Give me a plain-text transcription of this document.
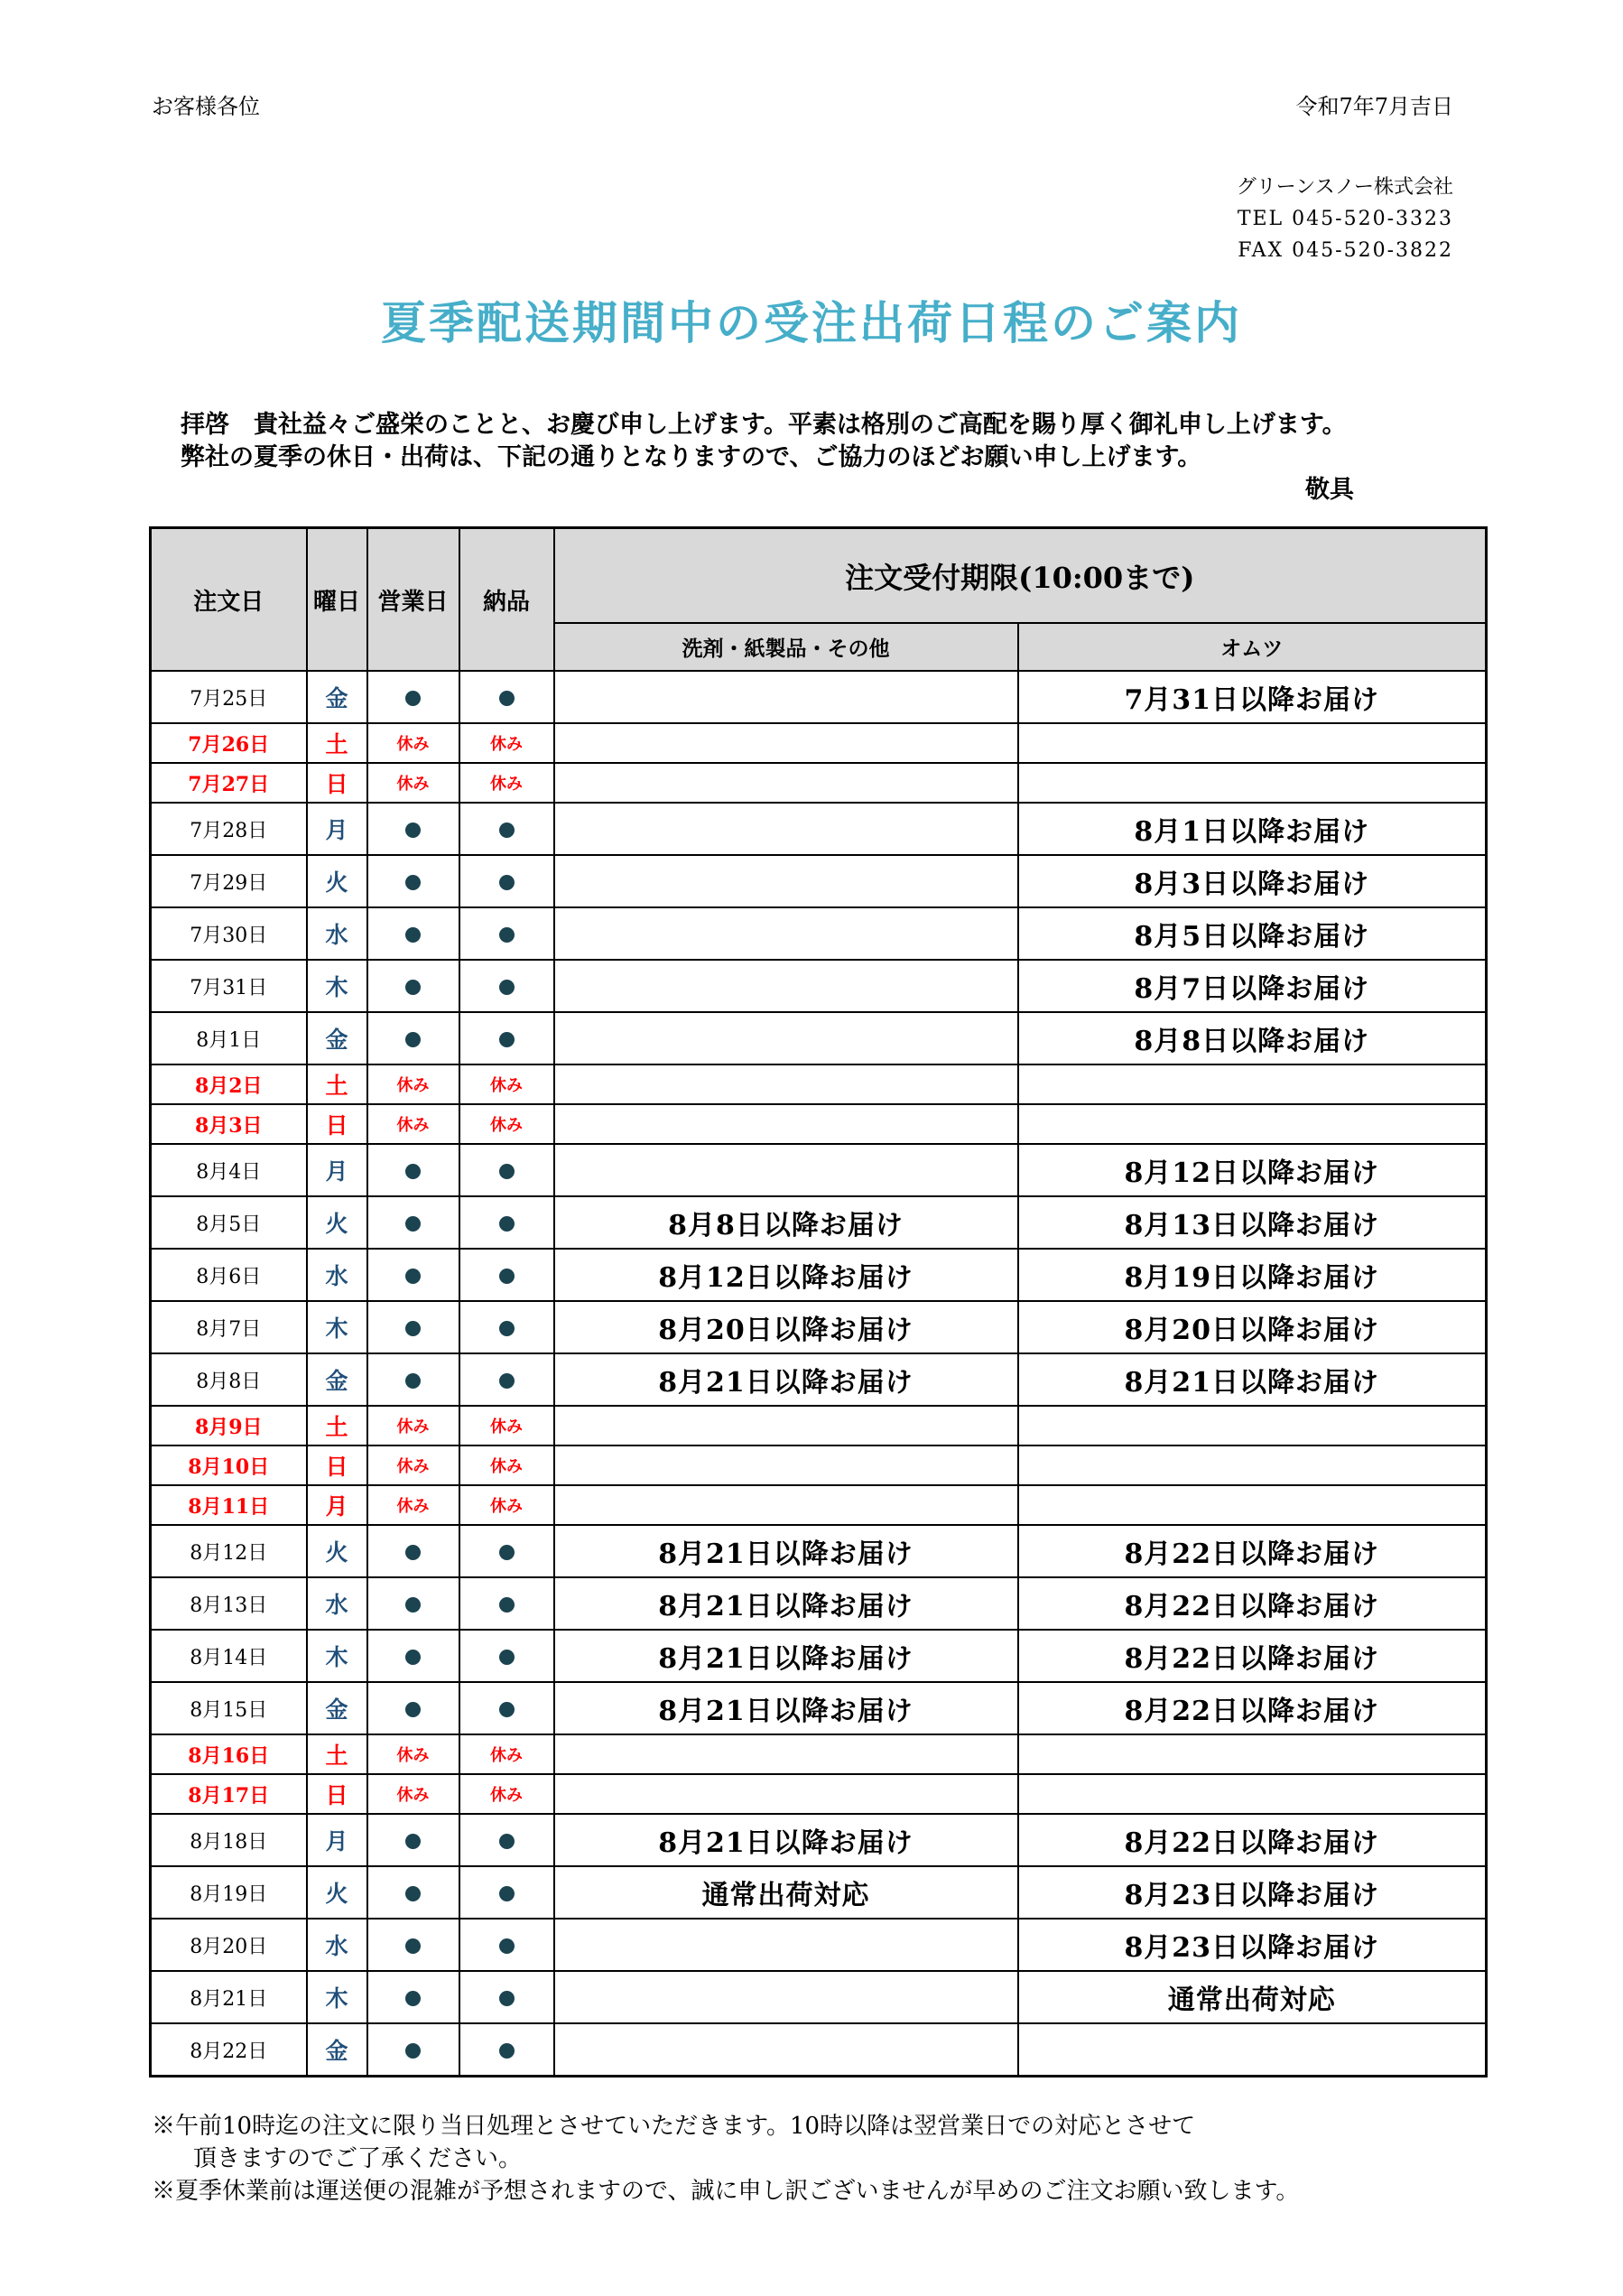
お客様各位	令和7年7月吉日
グリーンスノー株式会社
TEL 045-520-3323
FAX 045-520-3822
夏季配送期間中の受注出荷日程のご案内
拝啓　貴社益々ご盛栄のことと、お慶び申し上げます。平素は格別のご高配を賜り厚く御礼申し上げます。
弊社の夏季の休日・出荷は、下記の通りとなりますので、ご協力のほどお願い申し上げます。
敬具
注文日	曜日	営業日	納品	注文受付期限(10:00まで)	
				洗剤・紙製品・その他	オムツ
7月25日	金				7月31日以降お届け
7月26日	土	休み	休み		
7月27日	日	休み	休み		
7月28日	月				8月1日以降お届け
7月29日	火				8月3日以降お届け
7月30日	水				8月5日以降お届け
7月31日	木				8月7日以降お届け
8月1日	金				8月8日以降お届け
8月2日	土	休み	休み		
8月3日	日	休み	休み		
8月4日	月				8月12日以降お届け
8月5日	火			8月8日以降お届け	8月13日以降お届け
8月6日	水			8月12日以降お届け	8月19日以降お届け
8月7日	木			8月20日以降お届け	8月20日以降お届け
8月8日	金			8月21日以降お届け	8月21日以降お届け
8月9日	土	休み	休み		
8月10日	日	休み	休み		
8月11日	月	休み	休み		
8月12日	火			8月21日以降お届け	8月22日以降お届け
8月13日	水			8月21日以降お届け	8月22日以降お届け
8月14日	木			8月21日以降お届け	8月22日以降お届け
8月15日	金			8月21日以降お届け	8月22日以降お届け
8月16日	土	休み	休み		
8月17日	日	休み	休み		
8月18日	月			8月21日以降お届け	8月22日以降お届け
8月19日	火			通常出荷対応	8月23日以降お届け
8月20日	水				8月23日以降お届け
8月21日	木				通常出荷対応
8月22日	金				
※午前10時迄の注文に限り当日処理とさせていただきます。10時以降は翌営業日での対応とさせて
頂きますのでご了承ください。
※夏季休業前は運送便の混雑が予想されますので、誠に申し訳ございませんが早めのご注文お願い致します。
